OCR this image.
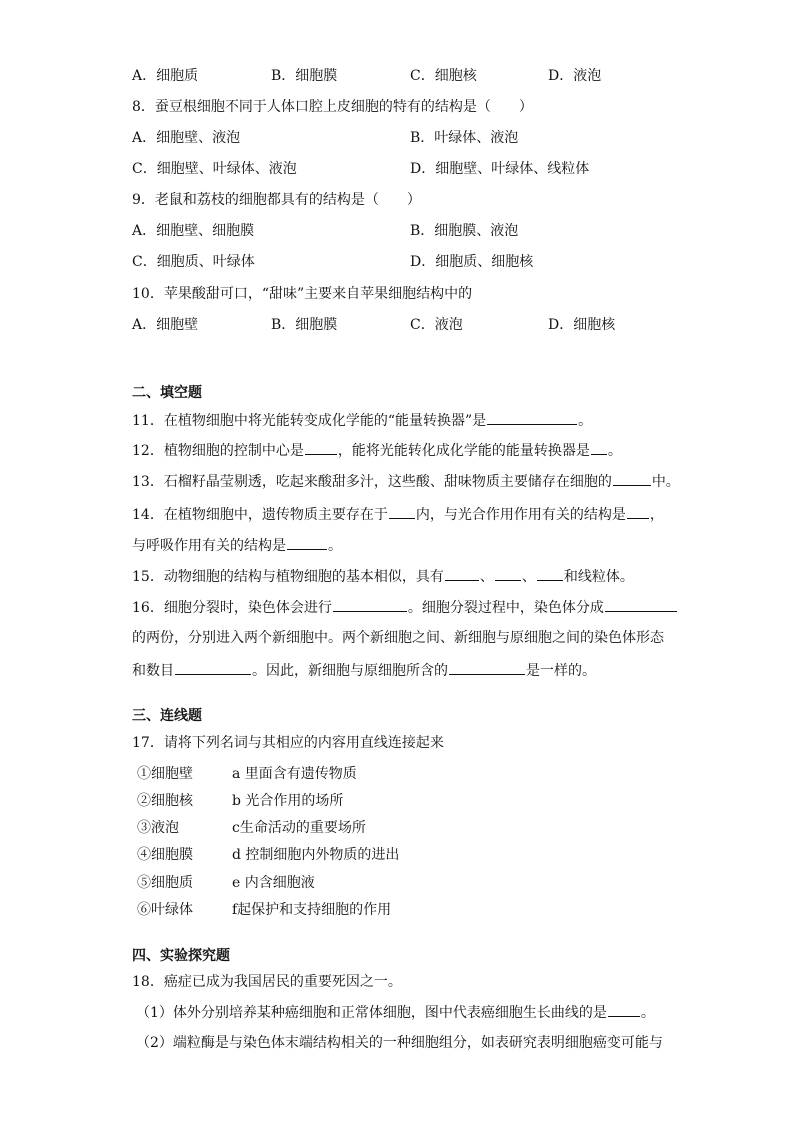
A．细胞质	B．细胞膜	C．细胞核	D．液泡
8．蚕豆根细胞不同于人体口腔上皮细胞的特有的结构是（　　）
A．细胞壁、液泡	B．叶绿体、液泡
C．细胞壁、叶绿体、液泡	D．细胞壁、叶绿体、线粒体
9．老鼠和荔枝的细胞都具有的结构是（　　）
A．细胞壁、细胞膜	B．细胞膜、液泡
C．细胞质、叶绿体	D．细胞质、细胞核
10．苹果酸甜可口，“甜味”主要来自苹果细胞结构中的
A．细胞壁	B．细胞膜	C．液泡	D．细胞核
二、填空题
11．在植物细胞中将光能转变成化学能的“能量转换器”是	。
12．植物细胞的控制中心是 ，能将光能转化成化学能的能量转换器是 。
13．石榴籽晶莹剔透，吃起来酸甜多汁，这些酸、甜味物质主要储存在细胞的	中。
14．在植物细胞中，遗传物质主要存在于 内，与光合作用作用有关的结构是 ，
与呼吸作用有关的结构是	。
15．动物细胞的结构与植物细胞的基本相似，具有	、 、 和线粒体。
16．细胞分裂时，染色体会进行	。细胞分裂过程中，染色体分成
的两份，分别进入两个新细胞中。两个新细胞之间、新细胞与原细胞之间的染色体形态
和数目	。因此，新细胞与原细胞所含的	是一样的。
三、连线题
17．请将下列名词与其相应的内容用直线连接起来
①细胞壁	a 里面含有遗传物质
②细胞核	b 光合作用的场所
③液泡	c生命活动的重要场所
④细胞膜	d 控制细胞内外物质的进出
⑤细胞质	e 内含细胞液
⑥叶绿体	f起保护和支持细胞的作用
四、实验探究题
18．癌症已成为我国居民的重要死因之一。
（1）体外分别培养某种癌细胞和正常体细胞，图中代表癌细胞生长曲线的是 。
（2）端粒酶是与染色体末端结构相关的一种细胞组分，如表研究表明细胞癌变可能与
